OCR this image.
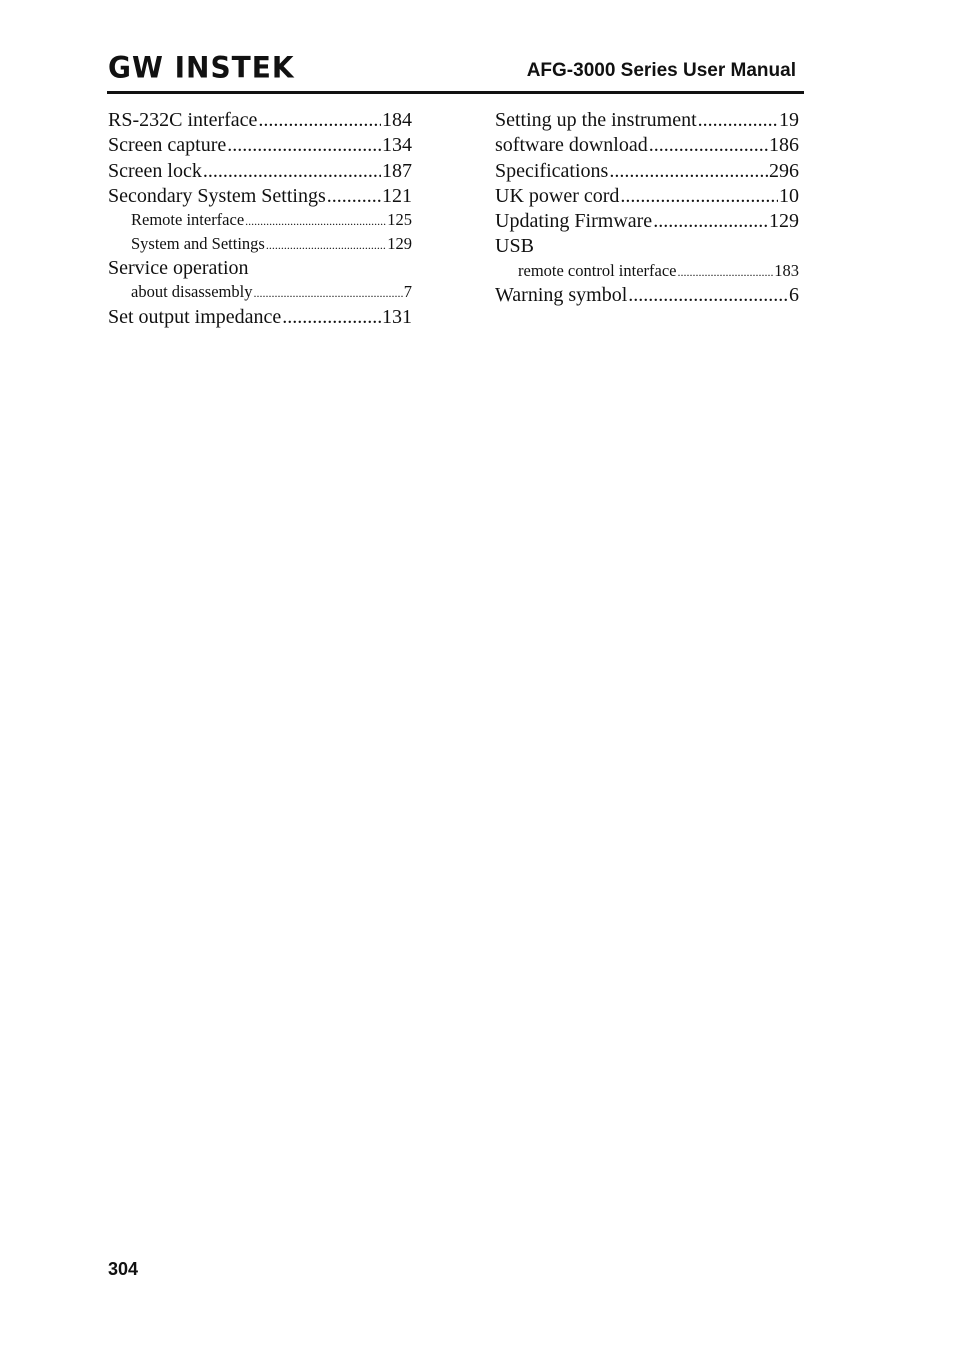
GW INSTEK	AFG-3000 Series User Manual
RS-232C interface .....	184
Screen capture .....	134
Screen lock .....	187
Secondary System Settings .....	121
Remote interface .....	125
System and Settings .....	129
Service operation
about disassembly .....	7
Set output impedance .....	131
Setting up the instrument .....	19
software download .....	186
Specifications .....	296
UK power cord .....	10
Updating Firmware .....	129
USB
remote control interface .....	183
Warning symbol .....	6
304
